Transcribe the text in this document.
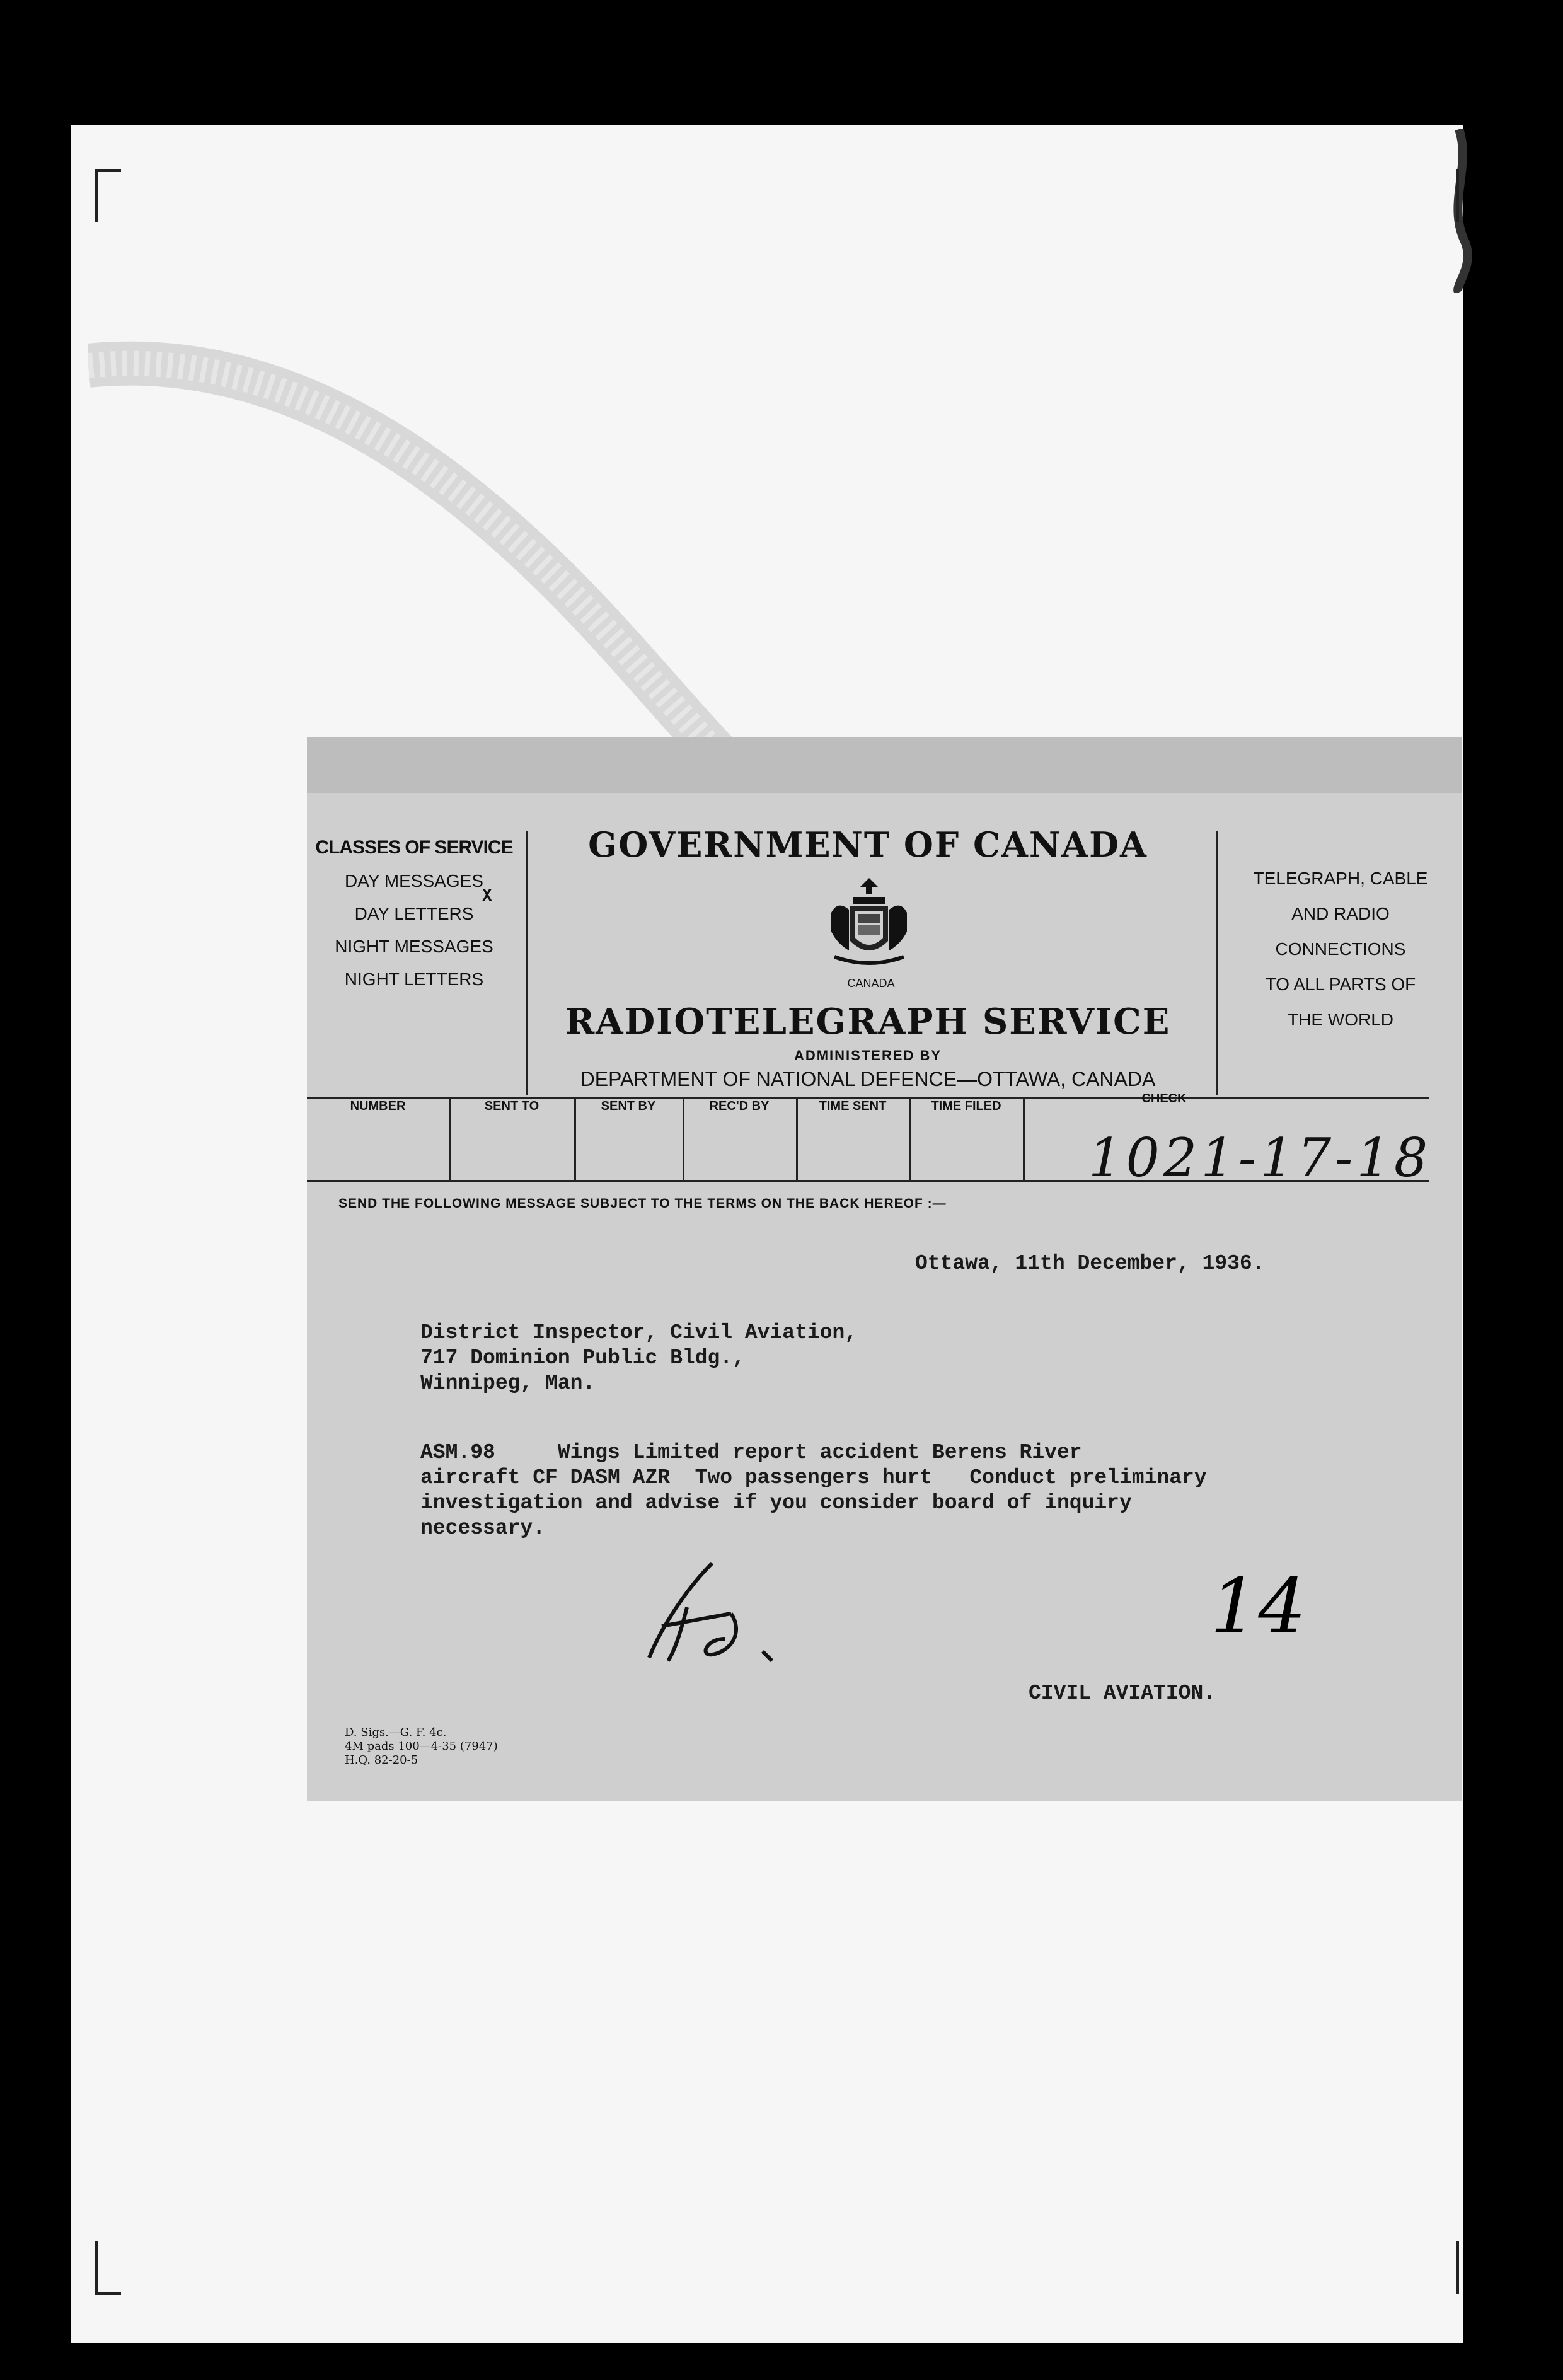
CLASSES OF SERVICE
DAY MESSAGES
DAY LETTERS
NIGHT MESSAGES
NIGHT LETTERS
X
GOVERNMENT OF CANADA
CANADA
RADIOTELEGRAPH SERVICE
ADMINISTERED BY
DEPARTMENT OF NATIONAL DEFENCE—OTTAWA, CANADA
TELEGRAPH, CABLE
AND RADIO
CONNECTIONS
TO ALL PARTS OF
THE WORLD
NUMBER	SENT TO	SENT BY	REC'D BY	TIME SENT	TIME FILED
CHECK
1021-17-18
SEND THE FOLLOWING MESSAGE SUBJECT TO THE TERMS ON THE BACK HEREOF :—
Ottawa, 11th December, 1936.
District Inspector, Civil Aviation,
717 Dominion Public Bldg.,
Winnipeg, Man.
ASM.98     Wings Limited report accident Berens River
aircraft CF DASM AZR  Two passengers hurt   Conduct preliminary
investigation and advise if you consider board of inquiry
necessary.
CIVIL AVIATION.
D. Sigs.—G. F. 4c.
4M pads 100—4-35 (7947)
H.Q. 82-20-5
14
